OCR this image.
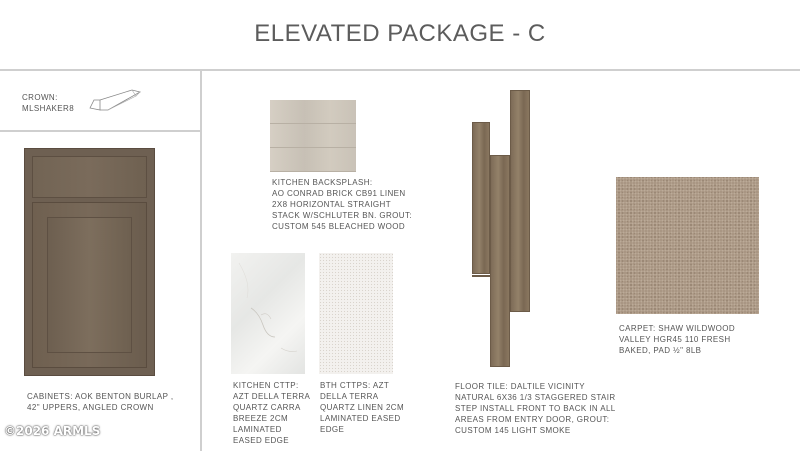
ELEVATED PACKAGE - C
CROWN:
MLSHAKER8
CABINETS: AOK BENTON BURLAP ,
42" UPPERS, ANGLED CROWN
KITCHEN BACKSPLASH:
AO CONRAD BRICK CB91 LINEN
2X8 HORIZONTAL STRAIGHT
STACK W/SCHLUTER BN. GROUT:
CUSTOM 545 BLEACHED WOOD
KITCHEN CTTP:
AZT DELLA TERRA
QUARTZ CARRA
BREEZE 2CM
LAMINATED
EASED EDGE
BTH CTTPS: AZT
DELLA TERRA
QUARTZ LINEN 2CM
LAMINATED EASED
EDGE
FLOOR TILE: DALTILE VICINITY
NATURAL 6X36 1/3 STAGGERED STAIR
STEP INSTALL FRONT TO BACK IN ALL
AREAS FROM ENTRY DOOR, GROUT:
CUSTOM 145 LIGHT SMOKE
CARPET: SHAW WILDWOOD
VALLEY HGR45 110 FRESH
BAKED, PAD ½" 8LB
©2026 ARMLS
